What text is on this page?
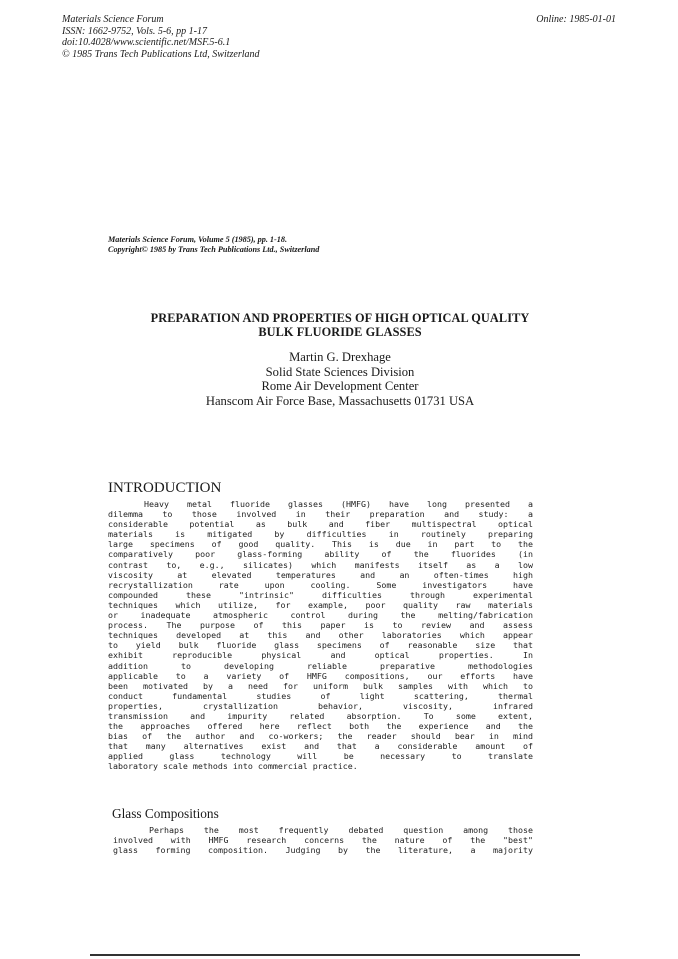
Materials Science Forum
ISSN: 1662-9752, Vols. 5-6, pp 1-17
doi:10.4028/www.scientific.net/MSF.5-6.1
© 1985 Trans Tech Publications Ltd, Switzerland
Online: 1985-01-01
Materials Science Forum, Volume 5 (1985), pp. 1-18.
Copyright© 1985 by Trans Tech Publications Ltd., Switzerland
PREPARATION AND PROPERTIES OF HIGH OPTICAL QUALITY
BULK FLUORIDE GLASSES
Martin G. Drexhage
Solid State Sciences Division
Rome Air Development Center
Hanscom Air Force Base, Massachusetts 01731 USA
INTRODUCTION
Heavy metal fluoride glasses (HMFG) have long presented a
dilemma to those involved in their preparation and study: a
considerable potential as bulk and fiber multispectral optical
materials is mitigated by difficulties in routinely preparing
large specimens of good quality. This is due in part to the
comparatively poor glass-forming ability of the fluorides (in
contrast to, e.g., silicates) which manifests itself as a low
viscosity at elevated temperatures and an often-times high
recrystallization rate upon cooling. Some investigators have
compounded these "intrinsic" difficulties through experimental
techniques which utilize, for example, poor quality raw materials
or inadequate atmospheric control during the melting/fabrication
process. The purpose of this paper is to review and assess
techniques developed at this and other laboratories which appear
to yield bulk fluoride glass specimens of reasonable size that
exhibit reproducible physical and optical properties. In
addition to developing reliable preparative methodologies
applicable to a variety of HMFG compositions, our efforts have
been motivated by a need for uniform bulk samples with which to
conduct fundamental studies of light scattering, thermal
properties, crystallization behavior, viscosity, infrared
transmission and impurity related absorption. To some extent,
the approaches offered here reflect both the experience and the
bias of the author and co-workers; the reader should bear in mind
that many alternatives exist and that a considerable amount of
applied glass technology will be necessary to translate
laboratory scale methods into commercial practice.
Glass Compositions
Perhaps the most frequently debated question among those
involved with HMFG research concerns the nature of the "best"
glass forming composition. Judging by the literature, a majority
